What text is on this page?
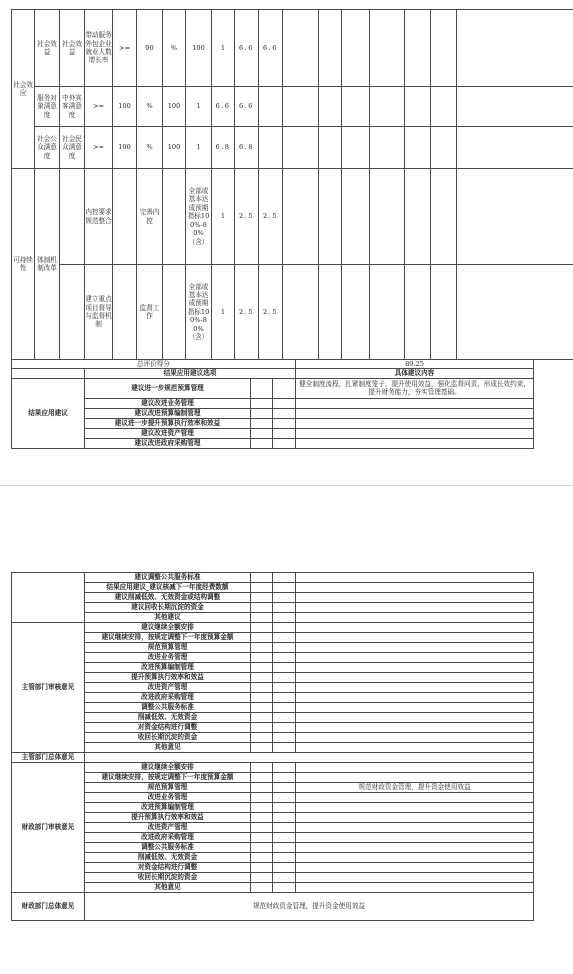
社会效应	社会效益	社会效益	带动服务外包企业就业人数增长率	>=	90	%	100	1	6.6	6.6							
	服务对象满意度	中外宾客满意度	>=	100	%	100	1	6.6	6.6								
	社会公众满意度	社会民众满意度	>=	100	%	100	1	6.8	6.8								
可持续性	体制机制改革		内控要求规范整合		完善内控		全部或基本达成预期指标100%-80%（含）	1	2.5	2.5							
			建立重点项目督导与监督机制		监督工作		全部或基本达成预期指标100%-80%（含）	1	2.5	2.5							
总评价得分				89.25
	结果应用建议选项			具体建议内容
结果应用建议	建议进一步规范预算管理			健全制度流程，扎紧制度笼子，提升使用效益，强化监督问责，形成长效约束，提升财务能力，夯实管理基础。
	建议改进业务管理			
	建议改进预算编制管理			
	建议进一步提升预算执行效率和效益			
	建议改进资产管理			
	建议改进政府采购管理			
	建议调整公共服务标准			
	结果应用建议_建议核减下一年度经费数额			
	建议削减低效、无效资金或结构调整			
	建议回收长期沉淀的资金			
	其他建议			
主管部门审核意见	建议继续全额安排			
	建议继续安排，按规定调整下一年度预算金额			
	规范预算管理			
	改进业务管理			
	改进预算编制管理			
	提升预算执行效率和效益			
	改进资产管理			
	改进政府采购管理			
	调整公共服务标准			
	削减低效、无效资金			
	对资金结构进行调整			
	收回长期沉淀的资金			
	其他意见			
主管部门总体意见				
财政部门审核意见	建议继续全额安排			
	建议继续安排，按规定调整下一年度预算金额			
	规范预算管理			规范财政资金管理，提升资金使用效益
	改进业务管理			
	改进预算编制管理			
	提升预算执行效率和效益			
	改进资产管理			
	改进政府采购管理			
	调整公共服务标准			
	削减低效、无效资金			
	对资金结构进行调整			
	收回长期沉淀的资金			
	其他意见			
财政部门总体意见	规范财政资金管理，提升资金使用效益			
